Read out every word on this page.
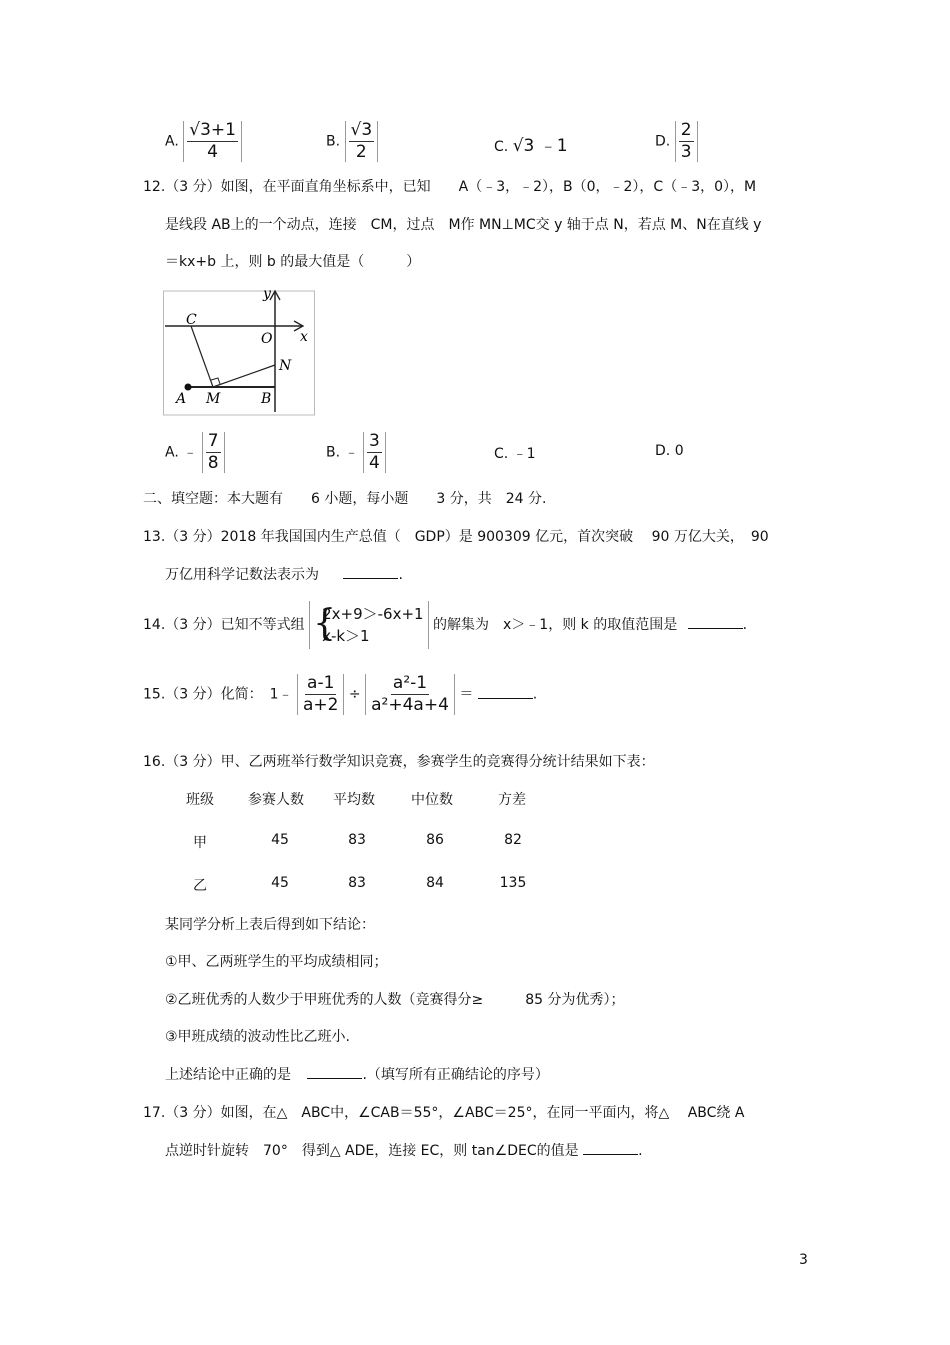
A. $\frac{√3+1}{4}$	B. $\frac{√3}{2}$	C. √3 ﹣1	D. $\frac{2}{3}$
12.（3 分）如图，在平面直角坐标系中，已知　　A（﹣3，﹣2），B（0，﹣2），C（﹣3，0），M
是线段 AB上的一个动点，连接　CM，过点　M作 MN⊥MC交 y 轴于点 N，若点 M、N在直线 y
＝kx+b 上，则 b 的最大值是（　　　）
y
x
C
O
N
A M	B
A. ﹣ $\frac{7}{8}$	B. ﹣ $\frac{3}{4}$	C. ﹣1	D. 0
二、填空题：本大题有　　6 小题，每小题　　3 分，共　24 分.
13.（3 分）2018 年我国国内生产总值（　GDP）是 900309 亿元，首次突破　 90 万亿大关，　90
万亿用科学记数法表示为	.
14.（3 分）已知不等式组 {
2x+9＞-6x+1
x-k＞1
的解集为　x＞﹣1，则 k 的取值范围是	.
15.（3 分）化简：　1﹣ $\frac{a-1}{a+2} \div \frac{\text{a²-1}}{\text{a²+4a+4}}$ ＝	.
16.（3 分）甲、乙两班举行数学知识竞赛，参赛学生的竞赛得分统计结果如下表：
班级	参赛人数	平均数	中位数	方差
甲	45	83	86	82
乙	45	83	84	135
某同学分析上表后得到如下结论：
①甲、乙两班学生的平均成绩相同；
②乙班优秀的人数少于甲班优秀的人数（竞赛得分≥　　　85 分为优秀）；
③甲班成绩的波动性比乙班小.
上述结论中正确的是	.（填写所有正确结论的序号）
17.（3 分）如图，在△　ABC中，∠CAB＝55°，∠ABC＝25°，在同一平面内，将△　 ABC绕 A
点逆时针旋转　70°　得到△ ADE，连接 EC，则 tan∠DEC的值是	.
3
